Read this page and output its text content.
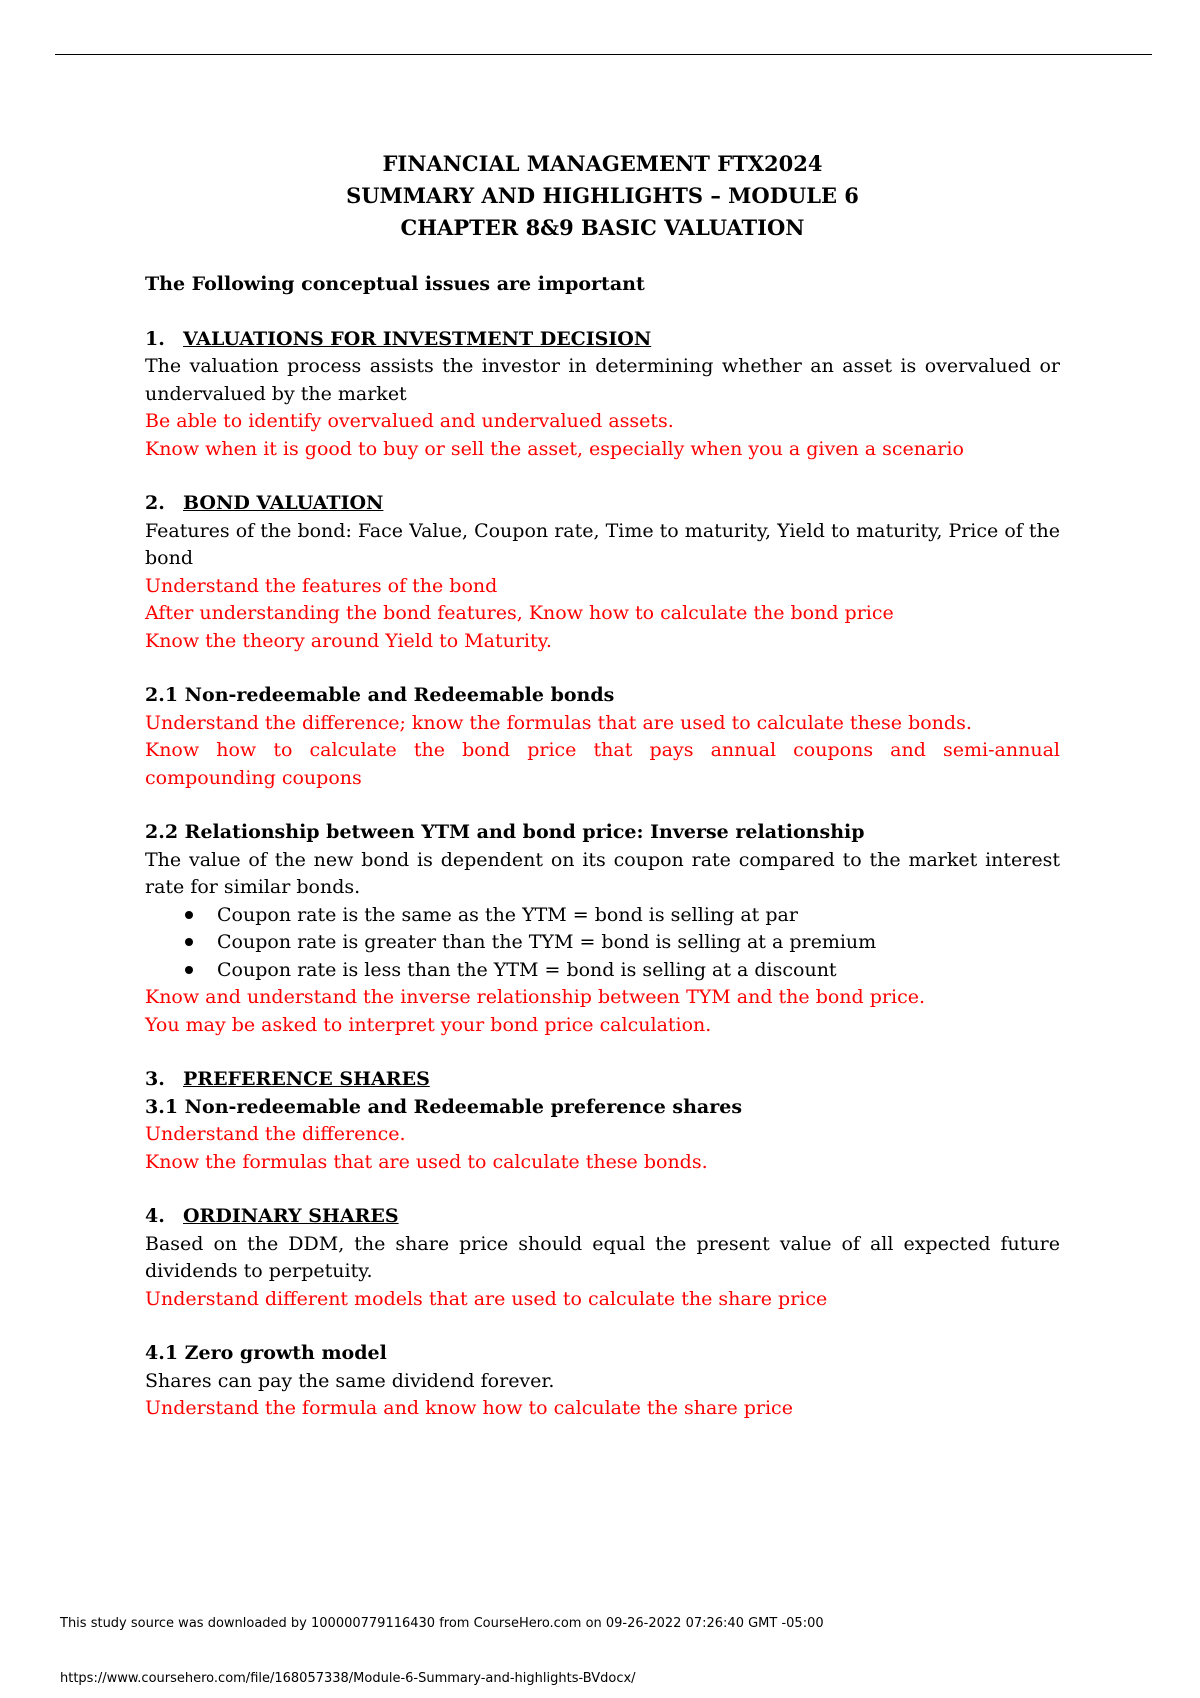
FINANCIAL MANAGEMENT FTX2024
SUMMARY AND HIGHLIGHTS – MODULE 6
CHAPTER 8&9 BASIC VALUATION

The Following conceptual issues are important

1. VALUATIONS FOR INVESTMENT DECISION

The valuation process assists the investor in determining whether an asset is overvalued or undervalued by the market

Be able to identify overvalued and undervalued assets.

Know when it is good to buy or sell the asset, especially when you a given a scenario

2. BOND VALUATION

Features of the bond: Face Value, Coupon rate, Time to maturity, Yield to maturity, Price of the bond

Understand the features of the bond

After understanding the bond features, Know how to calculate the bond price

Know the theory around Yield to Maturity.

2.1 Non-redeemable and Redeemable bonds

Understand the difference; know the formulas that are used to calculate these bonds.

Know how to calculate the bond price that pays annual coupons and semi-annual compounding coupons

2.2 Relationship between YTM and bond price: Inverse relationship

The value of the new bond is dependent on its coupon rate compared to the market interest rate for similar bonds.

Coupon rate is the same as the YTM = bond is selling at par
Coupon rate is greater than the TYM = bond is selling at a premium
Coupon rate is less than the YTM = bond is selling at a discount

Know and understand the inverse relationship between TYM and the bond price.

You may be asked to interpret your bond price calculation.

3. PREFERENCE SHARES

3.1 Non-redeemable and Redeemable preference shares

Understand the difference.

Know the formulas that are used to calculate these bonds.

4. ORDINARY SHARES

Based on the DDM, the share price should equal the present value of all expected future dividends to perpetuity.

Understand different models that are used to calculate the share price

4.1 Zero growth model

Shares can pay the same dividend forever.

Understand the formula and know how to calculate the share price

This study source was downloaded by 100000779116430 from CourseHero.com on 09-26-2022 07:26:40 GMT -05:00
https://www.coursehero.com/file/168057338/Module-6-Summary-and-highlights-BVdocx/
